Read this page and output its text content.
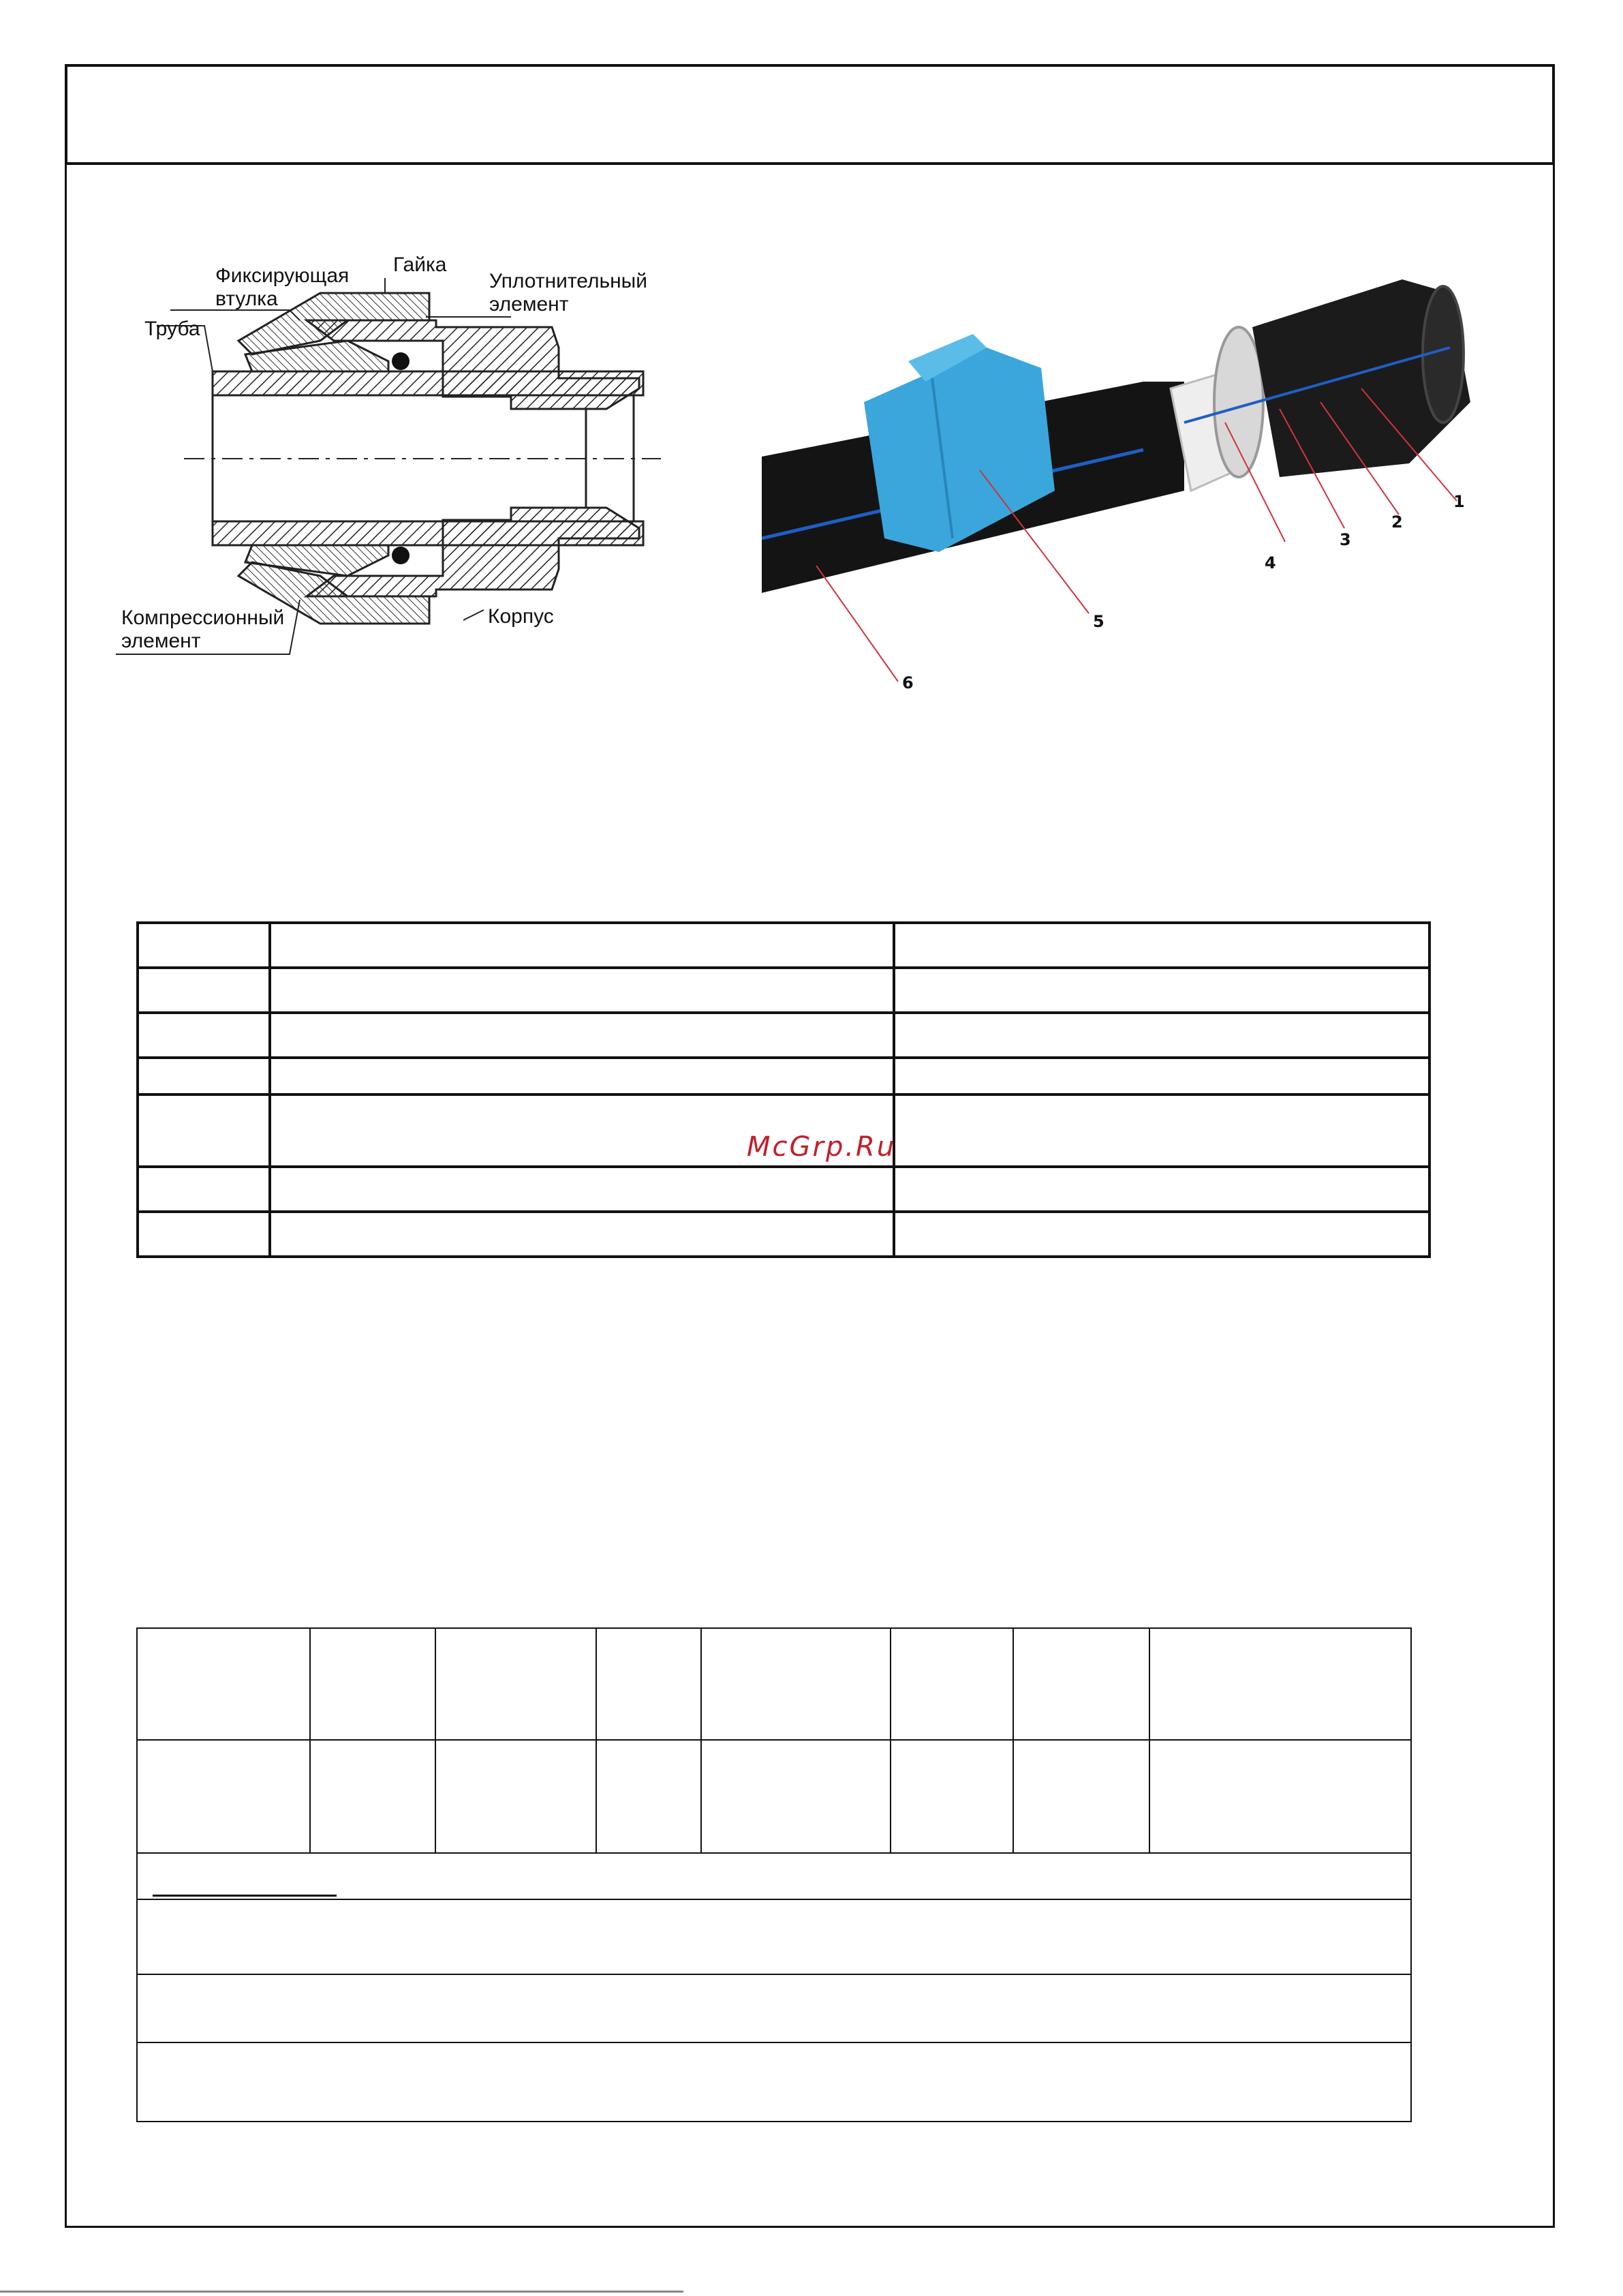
Фиксирующая
втулка
Гайка
Уплотнительный
элемент
Труба
Компрессионный
элемент
Корпус
1
2
3
4
5
6

McGrp.Ru
